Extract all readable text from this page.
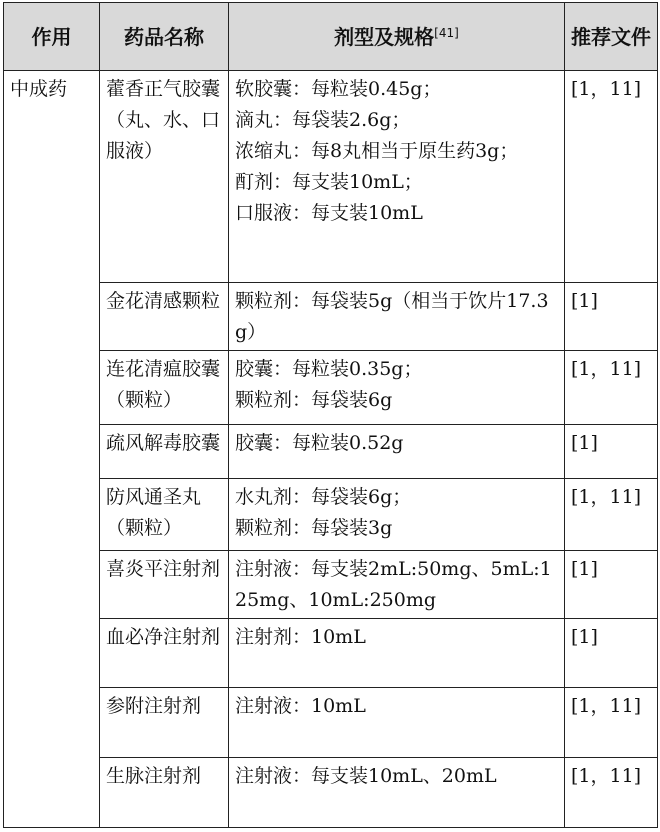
作用	药品名称	剂型及规格[41]	推荐文件
中成药	藿香正气胶囊（丸、水、口服液）	软胶囊：每粒装0.45g；
滴丸：每袋装2.6g；
浓缩丸：每8丸相当于原生药3g；
酊剂：每支装10mL；
口服液：每支装10mL	[1，11]
	金花清感颗粒	颗粒剂：每袋装5g（相当于饮片17.3g）	[1]
	连花清瘟胶囊（颗粒）	胶囊：每粒装0.35g；
颗粒剂：每袋装6g	[1，11]
	疏风解毒胶囊	胶囊：每粒装0.52g	[1]
	防风通圣丸（颗粒）	水丸剂：每袋装6g；
颗粒剂：每袋装3g	[1，11]
	喜炎平注射剂	注射液：每支装2mL:50mg、5mL:125mg、10mL:250mg	[1]
	血必净注射剂	注射剂：10mL	[1]
	参附注射剂	注射液：10mL	[1，11]
	生脉注射剂	注射液：每支装10mL、20mL	[1，11]
